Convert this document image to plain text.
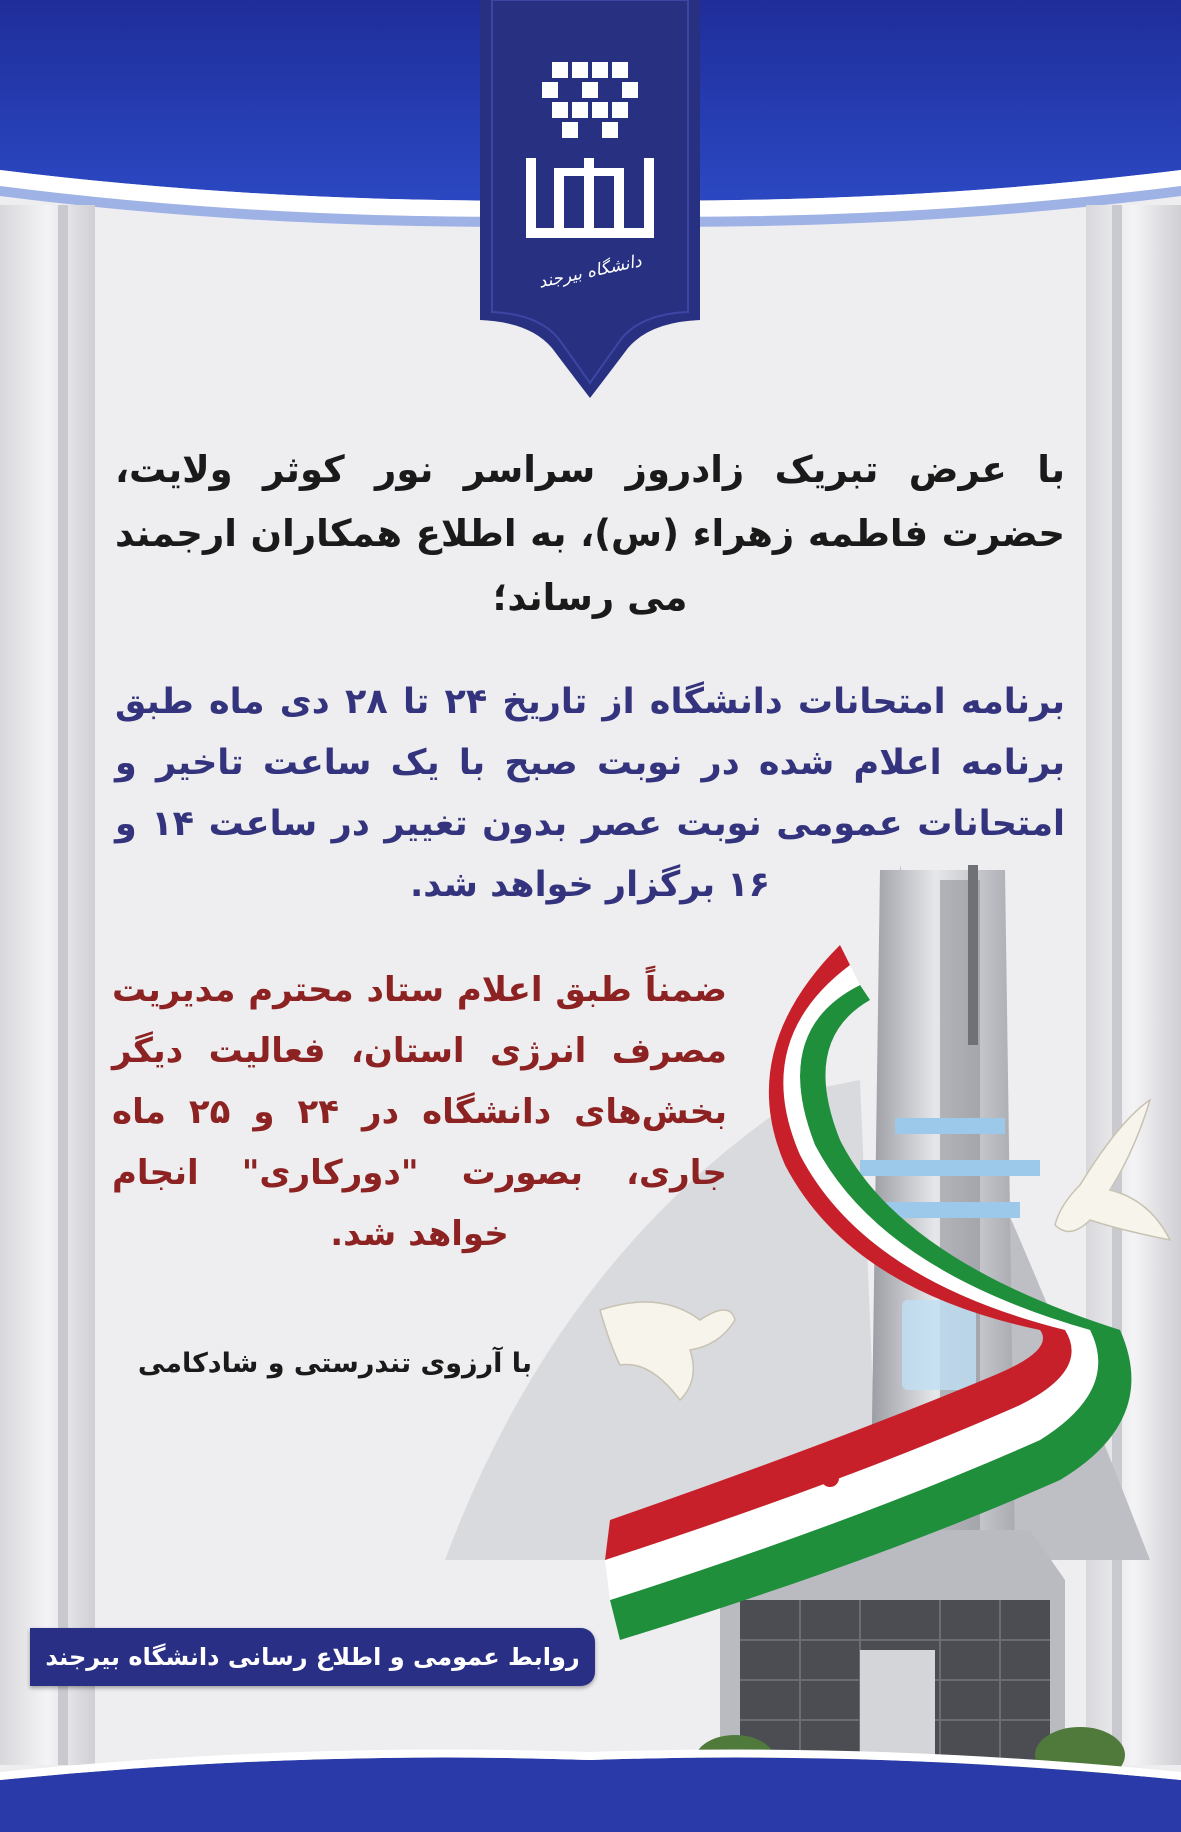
دانشگاه بیرجند
با عرض تبریک زادروز سراسر نور کوثر ولایت، حضرت فاطمه زهراء (س)، به اطلاع همکاران ارجمند می رساند؛
برنامه امتحانات دانشگاه از تاریخ ۲۴ تا ۲۸ دی ماه طبق برنامه اعلام شده در نوبت صبح با یک ساعت تاخیر و امتحانات عمومی نوبت عصر بدون تغییر در ساعت ۱۴ و ۱۶ برگزار خواهد شد.
ضمناً طبق اعلام ستاد محترم مدیریت مصرف انرژی استان، فعالیت دیگر بخش‌های دانشگاه در ۲۴ و ۲۵ ماه جاری، بصورت "دورکاری" انجام خواهد شد.
با آرزوی تندرستی و شادکامی
روابط عمومی و اطلاع رسانی دانشگاه بیرجند
